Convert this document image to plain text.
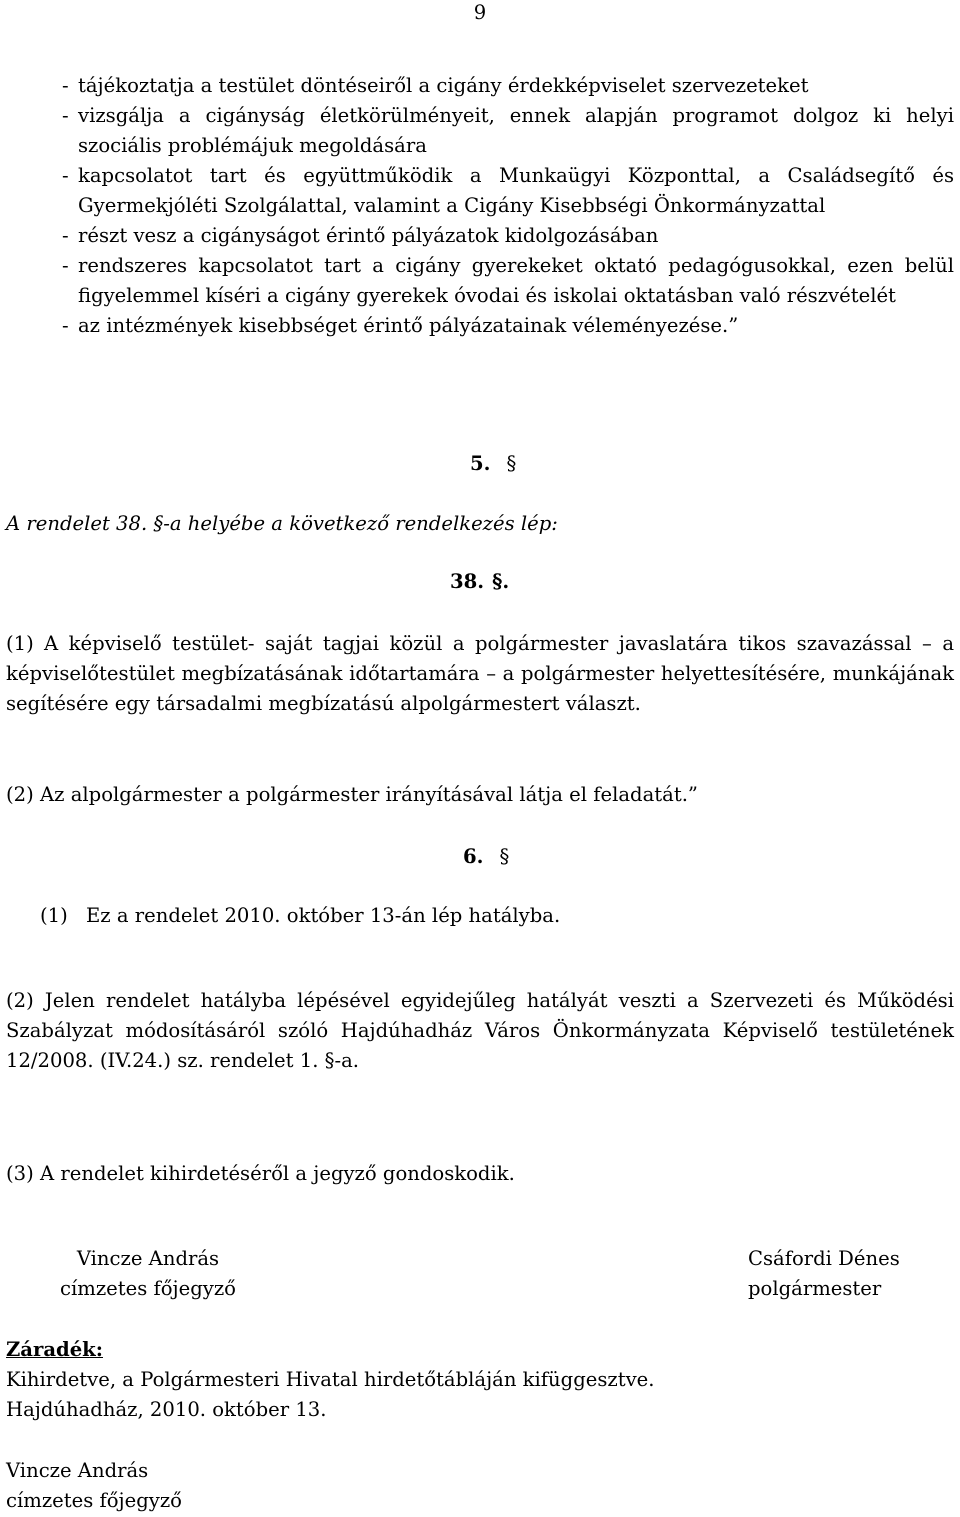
9
- tájékoztatja a testület döntéseiről a cigány érdekképviselet szervezeteket
- vizsgálja a cigányság életkörülményeit, ennek alapján programot dolgoz ki helyi szociális problémájuk megoldására
- kapcsolatot tart és együttműködik a Munkaügyi Központtal, a Családsegítő és Gyermekjóléti Szolgálattal, valamint a Cigány Kisebbségi Önkormányzattal
- részt vesz a cigányságot érintő pályázatok kidolgozásában
- rendszeres kapcsolatot tart a cigány gyerekeket oktató pedagógusokkal, ezen belül figyelemmel kíséri a cigány gyerekek óvodai és iskolai oktatásban való részvételét
- az intézmények kisebbséget érintő pályázatainak véleményezése.”
5. §
A rendelet 38. §-a helyébe a következő rendelkezés lép:
38. §.
(1) A képviselő testület- saját tagjai közül a polgármester javaslatára tikos szavazással – a képviselőtestület megbízatásának időtartamára – a polgármester helyettesítésére, munkájának segítésére egy társadalmi megbízatású alpolgármestert választ.
(2) Az alpolgármester a polgármester irányításával látja el feladatát.”
6. §
(1) Ez a rendelet 2010. október 13-án lép hatályba.
(2) Jelen rendelet hatályba lépésével egyidejűleg hatályát veszti a Szervezeti és Működési Szabályzat módosításáról szóló Hajdúhadház Város Önkormányzata Képviselő testületének 12/2008. (IV.24.) sz. rendelet 1. §-a.
(3) A rendelet kihirdetéséről a jegyző gondoskodik.
Vincze András
címzetes főjegyző
Csáfordi Dénes
polgármester
Záradék:
Kihirdetve, a Polgármesteri Hivatal hirdetőtábláján kifüggesztve.
Hajdúhadház, 2010. október 13.
Vincze András
címzetes főjegyző
